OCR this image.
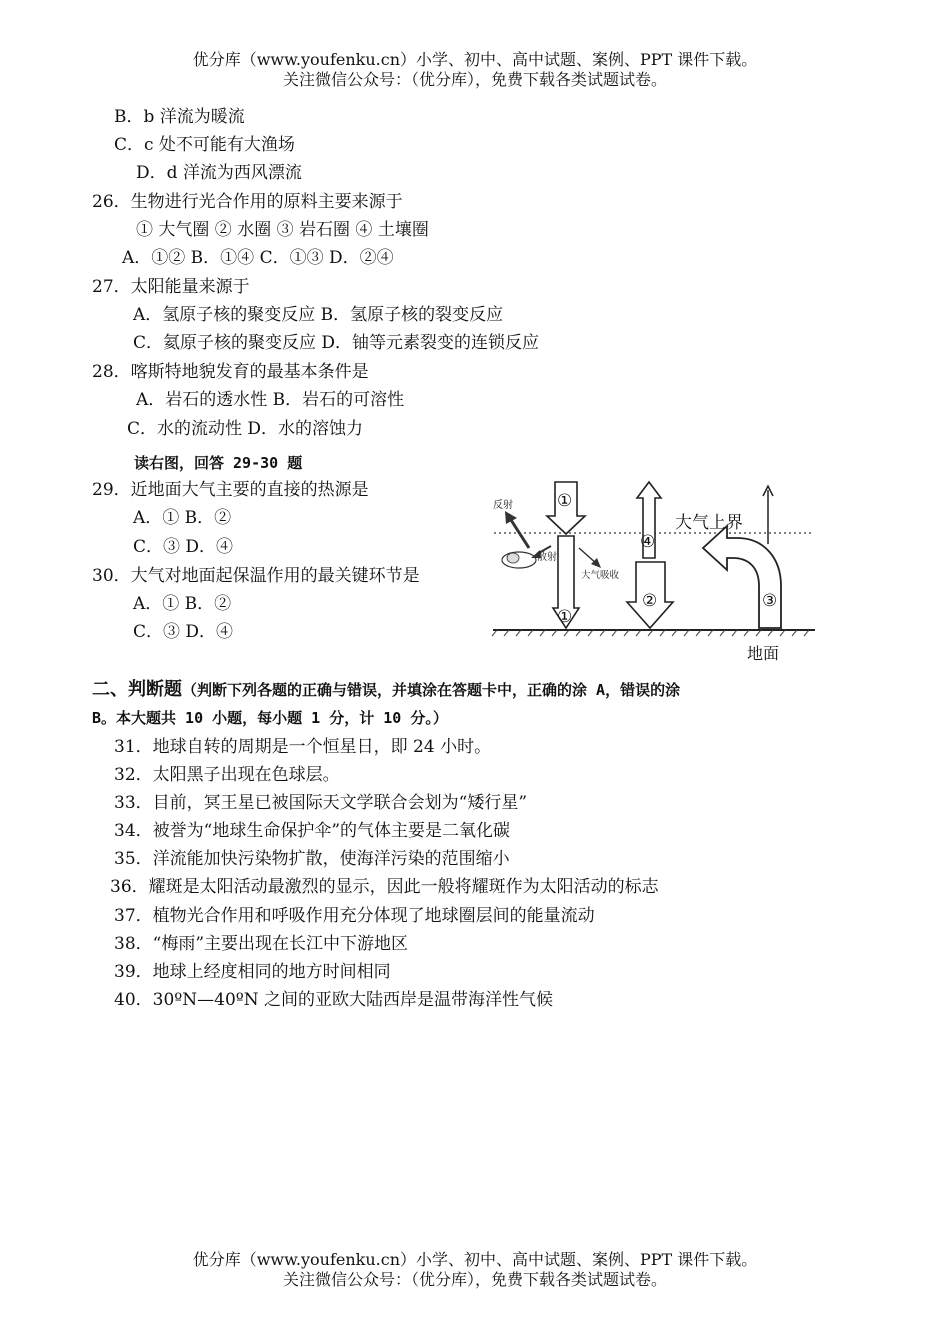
优分库（www.youfenku.cn）小学、初中、高中试题、案例、PPT 课件下载。
关注微信公众号：（优分库），免费下载各类试题试卷。
B．b 洋流为暖流
C．c 处不可能有大渔场
D．d 洋流为西风漂流
26．生物进行光合作用的原料主要来源于
① 大气圈 ② 水圈 ③ 岩石圈 ④ 土壤圈
A．①② B．①④ C．①③ D．②④
27．太阳能量来源于
A．氢原子核的聚变反应 B．氢原子核的裂变反应
C．氦原子核的聚变反应 D．铀等元素裂变的连锁反应
28．喀斯特地貌发育的最基本条件是
A．岩石的透水性 B．岩石的可溶性
C．水的流动性 D．水的溶蚀力
读右图，回答 29-30 题
29．近地面大气主要的直接的热源是
A．① B．②
C．③ D．④
30．大气对地面起保温作用的最关键环节是
A．① B．②
C．③ D．④
反射
散射
大气吸收
大气上界
地面
①
①
④
②	③
二、判断题（判断下列各题的正确与错误，并填涂在答题卡中，正确的涂 A，错误的涂
B。本大题共 10 小题，每小题 1 分，计 10 分。）
31．地球自转的周期是一个恒星日，即 24 小时。
32．太阳黑子出现在色球层。
33．目前，冥王星已被国际天文学联合会划为“矮行星”
34．被誉为“地球生命保护伞”的气体主要是二氧化碳
35．洋流能加快污染物扩散，使海洋污染的范围缩小
36．耀斑是太阳活动最激烈的显示，因此一般将耀斑作为太阳活动的标志
37．植物光合作用和呼吸作用充分体现了地球圈层间的能量流动
38．“梅雨”主要出现在长江中下游地区
39．地球上经度相同的地方时间相同
40．30ºN—40ºN 之间的亚欧大陆西岸是温带海洋性气候
优分库（www.youfenku.cn）小学、初中、高中试题、案例、PPT 课件下载。
关注微信公众号：（优分库），免费下载各类试题试卷。
